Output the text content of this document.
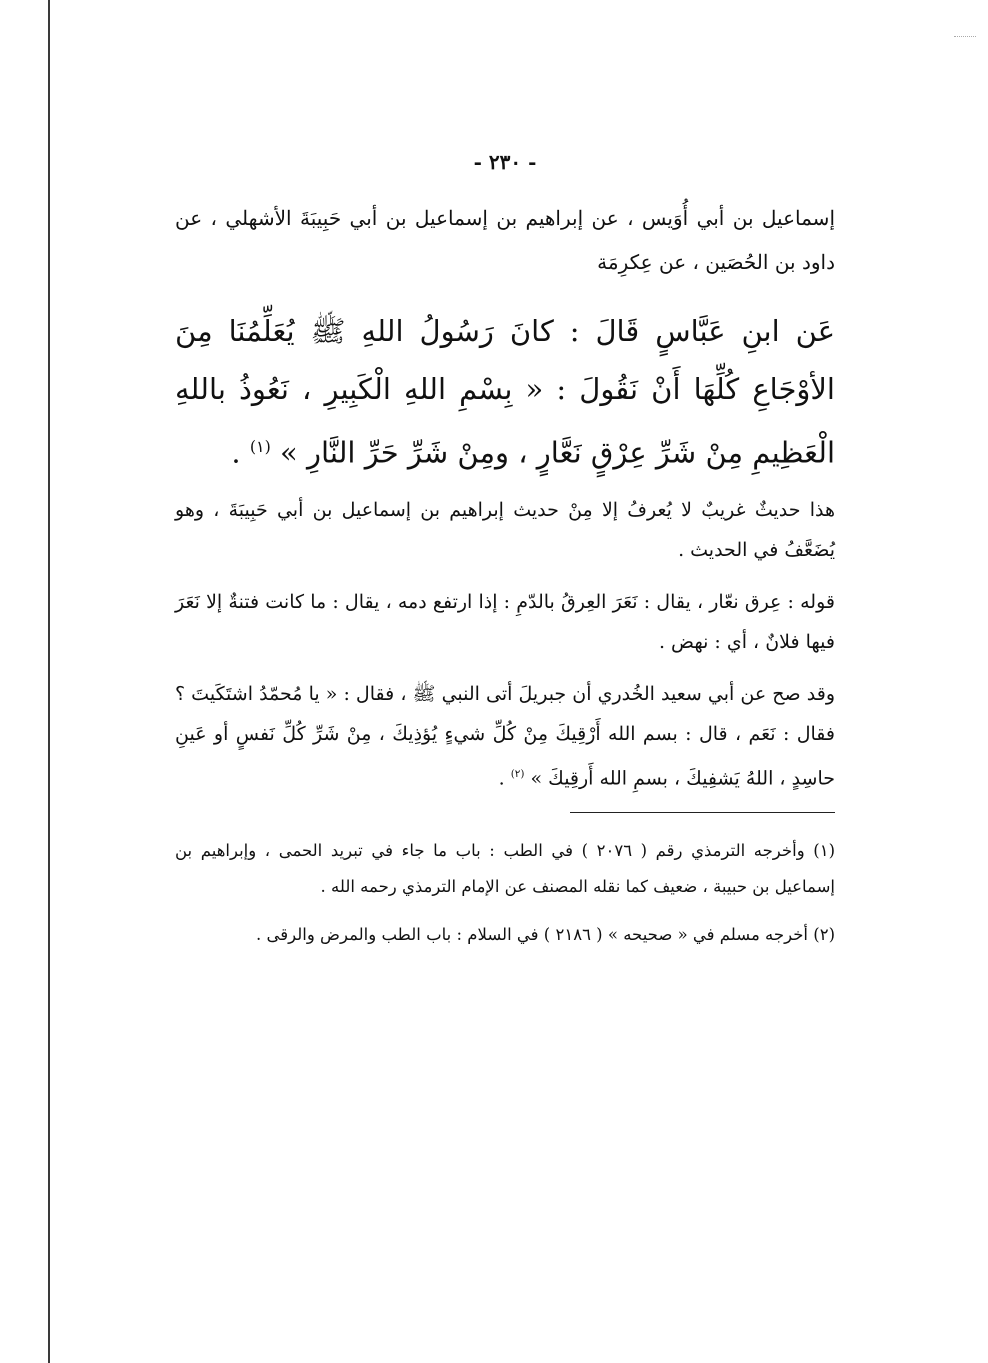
- ٢٣٠ -

إسماعيل بن أبي أُوَيس ، عن إبراهيم بن إسماعيل بن أبي حَبِيبَةَ الأشهلي ، عن داود بن الحُصَين ، عن عِكرِمَة

عَن ابنِ عَبَّاسٍ قَالَ : كانَ رَسُولُ اللهِ ﷺ يُعَلِّمُنَا مِنَ الأوْجَاعِ كُلِّهَا أَنْ نَقُولَ : « بِسْمِ اللهِ الْكَبِيرِ ، نَعُوذُ باللهِ الْعَظِيمِ مِنْ شَرِّ عِرْقٍ نَعَّارٍ ، ومِنْ شَرِّ حَرِّ النَّارِ » $^{(١)}$ .

هذا حديثٌ غريبٌ لا يُعرفُ إلا مِنْ حديث إبراهيم بن إسماعيل بن أبي حَبِيبَةَ ، وهو يُضَعَّفُ في الحديث .

قوله : عِرق نعّار ، يقال : نَعَرَ العِرقُ بالدّمِ : إذا ارتفع دمه ، يقال : ما كانت فتنةٌ إلا نَعَرَ فيها فلانٌ ، أي : نهض .

وقد صح عن أبي سعيد الخُدري أن جبريلَ أتى النبي ﷺ ، فقال : « يا مُحمّدُ اشتَكَيتَ ؟ فقال : نَعَم ، قال : بسم الله أَرْقِيكَ مِنْ كُلِّ شيءٍ يُؤذِيكَ ، مِنْ شَرِّ كُلِّ نَفسٍ أو عَينِ حاسِدٍ ، اللهُ يَشفِيكَ ، بسمِ الله أَرقِيكَ » $^{(٢)}$ .

(١) وأخرجه الترمذي رقم ( ٢٠٧٦ ) في الطب : باب ما جاء في تبريد الحمى ، وإبراهيم بن إسماعيل بن حبيبة ، ضعيف كما نقله المصنف عن الإمام الترمذي رحمه الله .

(٢) أخرجه مسلم في « صحيحه » ( ٢١٨٦ ) في السلام : باب الطب والمرض والرقى .
